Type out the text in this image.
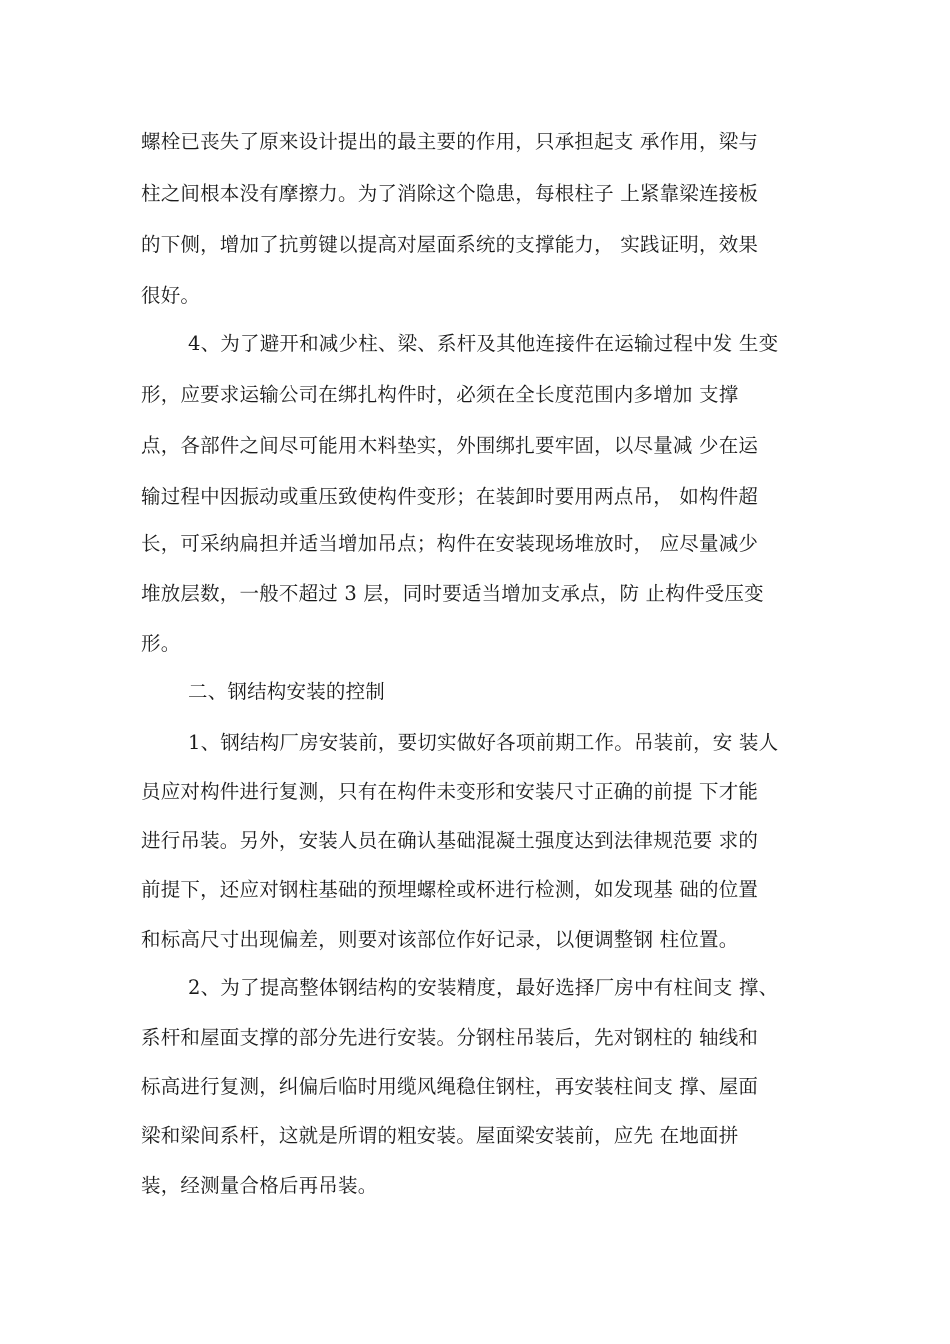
螺栓已丧失了原来设计提出的最主要的作用，只承担起支 承作用，梁与
柱之间根本没有摩擦力。为了消除这个隐患，每根柱子 上紧靠梁连接板
的下侧，增加了抗剪键以提高对屋面系统的支撑能力， 实践证明，效果
很好。
4、为了避开和减少柱、梁、系杆及其他连接件在运输过程中发 生变
形，应要求运输公司在绑扎构件时，必须在全长度范围内多增加 支撑
点，各部件之间尽可能用木料垫实，外围绑扎要牢固，以尽量减 少在运
输过程中因振动或重压致使构件变形；在装卸时要用两点吊， 如构件超
长，可采纳扁担并适当增加吊点；构件在安装现场堆放时， 应尽量减少
堆放层数，一般不超过 3 层，同时要适当增加支承点，防 止构件受压变
形。
二、钢结构安装的控制
1、钢结构厂房安装前，要切实做好各项前期工作。吊装前，安 装人
员应对构件进行复测，只有在构件未变形和安装尺寸正确的前提 下才能
进行吊装。另外，安装人员在确认基础混凝土强度达到法律规范要 求的
前提下，还应对钢柱基础的预埋螺栓或杯进行检测，如发现基 础的位置
和标高尺寸出现偏差，则要对该部位作好记录，以便调整钢 柱位置。
2、为了提高整体钢结构的安装精度，最好选择厂房中有柱间支 撑、
系杆和屋面支撑的部分先进行安装。分钢柱吊装后，先对钢柱的 轴线和
标高进行复测，纠偏后临时用缆风绳稳住钢柱，再安装柱间支 撑、屋面
梁和梁间系杆，这就是所谓的粗安装。屋面梁安装前，应先 在地面拼
装，经测量合格后再吊装。
